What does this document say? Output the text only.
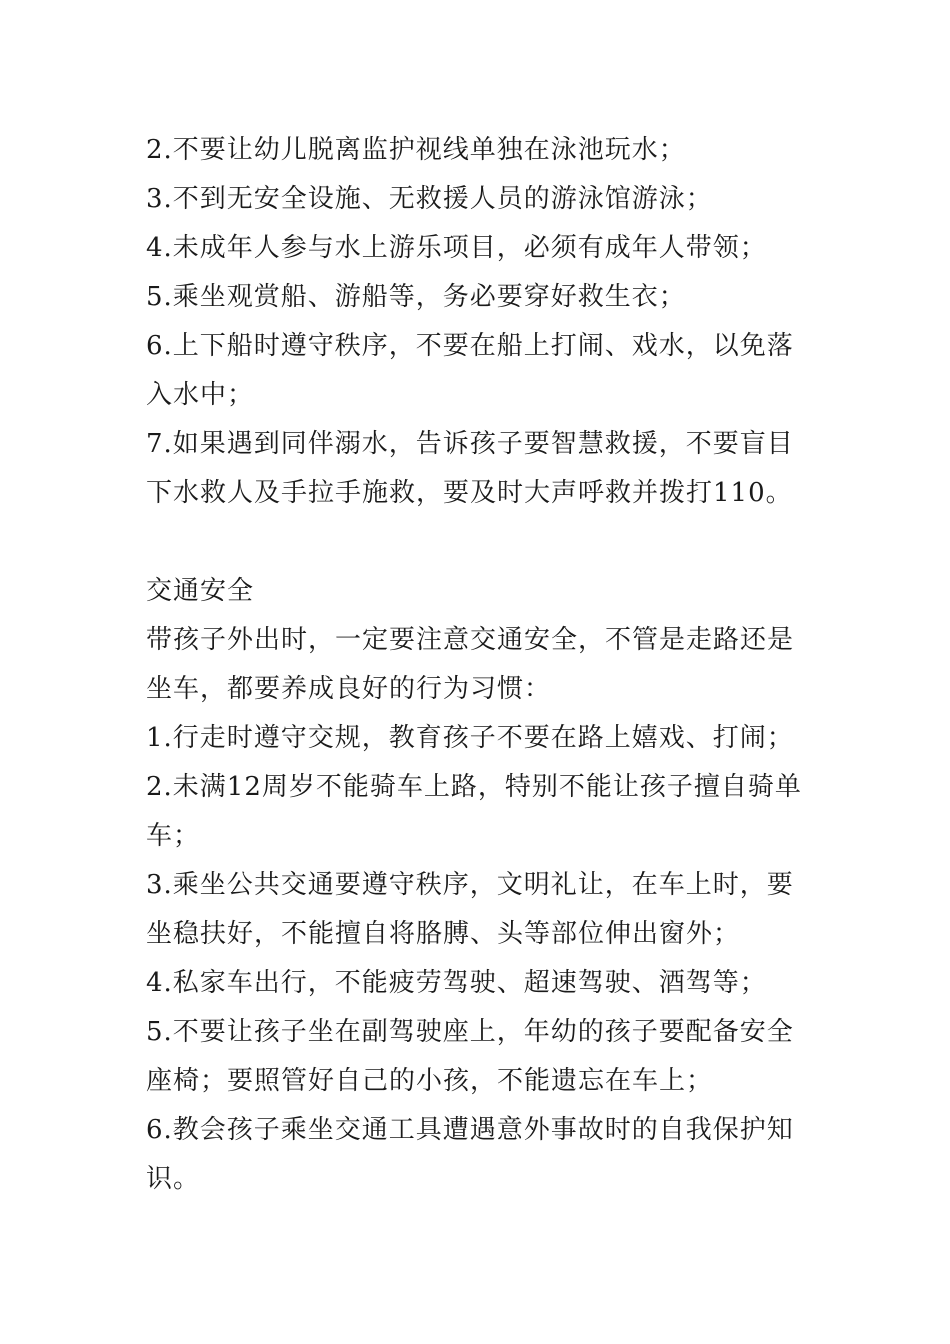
2.不要让幼儿脱离监护视线单独在泳池玩水；

3.不到无安全设施、无救援人员的游泳馆游泳；

4.未成年人参与水上游乐项目，必须有成年人带领；

5.乘坐观赏船、游船等，务必要穿好救生衣；

6.上下船时遵守秩序，不要在船上打闹、戏水，以免落入水中；

7.如果遇到同伴溺水，告诉孩子要智慧救援，不要盲目下水救人及手拉手施救，要及时大声呼救并拨打110。

交通安全

带孩子外出时，一定要注意交通安全，不管是走路还是坐车，都要养成良好的行为习惯：

1.行走时遵守交规，教育孩子不要在路上嬉戏、打闹；

2.未满12周岁不能骑车上路，特别不能让孩子擅自骑单车；

3.乘坐公共交通要遵守秩序，文明礼让，在车上时，要坐稳扶好，不能擅自将胳膊、头等部位伸出窗外；

4.私家车出行，不能疲劳驾驶、超速驾驶、酒驾等；

5.不要让孩子坐在副驾驶座上，年幼的孩子要配备安全座椅；要照管好自己的小孩，不能遗忘在车上；

6.教会孩子乘坐交通工具遭遇意外事故时的自我保护知识。
